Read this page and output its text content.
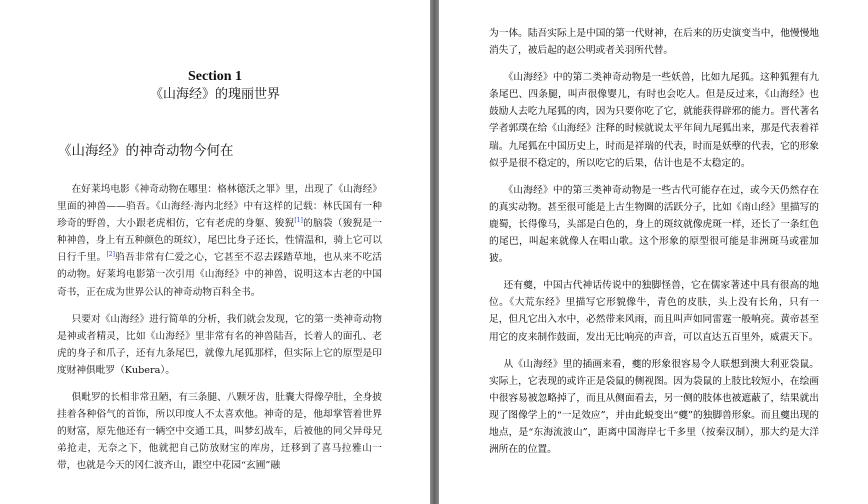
Section 1
《山海经》的瑰丽世界
《山海经》的神奇动物今何在

在好莱坞电影《神奇动物在哪里：格林德沃之罪》里，出现了《山海经》里面的神兽——驺吾。《山海经·海内北经》中有这样的记载：林氏国有一种珍奇的野兽，大小跟老虎相仿，它有老虎的身躯、狻猊[1]的脑袋（狻猊是一种神兽，身上有五种颜色的斑纹），尾巴比身子还长，性情温和，骑上它可以日行千里。[2]驺吾非常有仁爱之心，它甚至不忍去踩踏草地，也从来不吃活的动物。好莱坞电影第一次引用《山海经》中的神兽，说明这本古老的中国奇书，正在成为世界公认的神奇动物百科全书。

只要对《山海经》进行简单的分析，我们就会发现，它的第一类神奇动物是神或者精灵，比如《山海经》里非常有名的神兽陆吾，长着人的面孔、老虎的身子和爪子，还有九条尾巴，就像九尾狐那样，但实际上它的原型是印度财神俱毗罗（Kubera）。

俱毗罗的长相非常丑陋，有三条腿、八颗牙齿，肚囊大得像孕肚，全身披挂着各种俗气的首饰，所以印度人不太喜欢他。神奇的是，他却掌管着世界的财富，原先他还有一辆空中交通工具，叫梦幻战车，后被他的同父异母兄弟抢走，无奈之下，他就把自己防放财宝的库房，迁移到了喜马拉雅山一带，也就是今天的冈仁波齐山，跟空中花园“玄圃”融

为一体。陆吾实际上是中国的第一代财神，在后来的历史演变当中，他慢慢地消失了，被后起的赵公明或者关羽所代替。

《山海经》中的第二类神奇动物是一些妖兽，比如九尾狐。这种狐狸有九条尾巴、四条腿，叫声很像婴儿，有时也会吃人。但是反过来，《山海经》也鼓励人去吃九尾狐的肉，因为只要你吃了它，就能获得辟邪的能力。晋代著名学者郭璞在给《山海经》注释的时候就说太平年间九尾狐出来，那是代表着祥瑞。九尾狐在中国历史上，时而是祥瑞的代表，时而是妖孽的代表，它的形象似乎是很不稳定的，所以吃它的后果，估计也是不太稳定的。

《山海经》中的第三类神奇动物是一些古代可能存在过，或今天仍然存在的真实动物。甚至很可能是上古生物圈的活跃分子，比如《南山经》里描写的鹿蜀，长得像马，头部是白色的，身上的斑纹就像虎斑一样，还长了一条红色的尾巴，叫起来就像人在唱山歌。这个形象的原型很可能是非洲斑马或霍加狓。

还有夔，中国古代神话传说中的独脚怪兽，它在儒家著述中具有很高的地位。《大荒东经》里描写它形貌像牛，青色的皮肤，头上没有长角，只有一足，但凡它出入水中，必然带来风雨，而且叫声如同雷霆一般响亮。黄帝甚至用它的皮来制作鼓面，发出无比响亮的声音，可以直达五百里外，威震天下。

从《山海经》里的插画来看，夔的形象很容易令人联想到澳大利亚袋鼠。实际上，它表现的或许正是袋鼠的侧视图。因为袋鼠的上肢比较短小，在绘画中很容易被忽略掉了，而且从侧面看去，另一侧的肢体也被遮蔽了，结果就出现了图像学上的“一足效应”，并由此蜕变出“夔”的独脚兽形象。而且夔出现的地点，是“东海流波山”，距离中国海岸七千多里（按秦汉制），那大约是大洋洲所在的位置。
